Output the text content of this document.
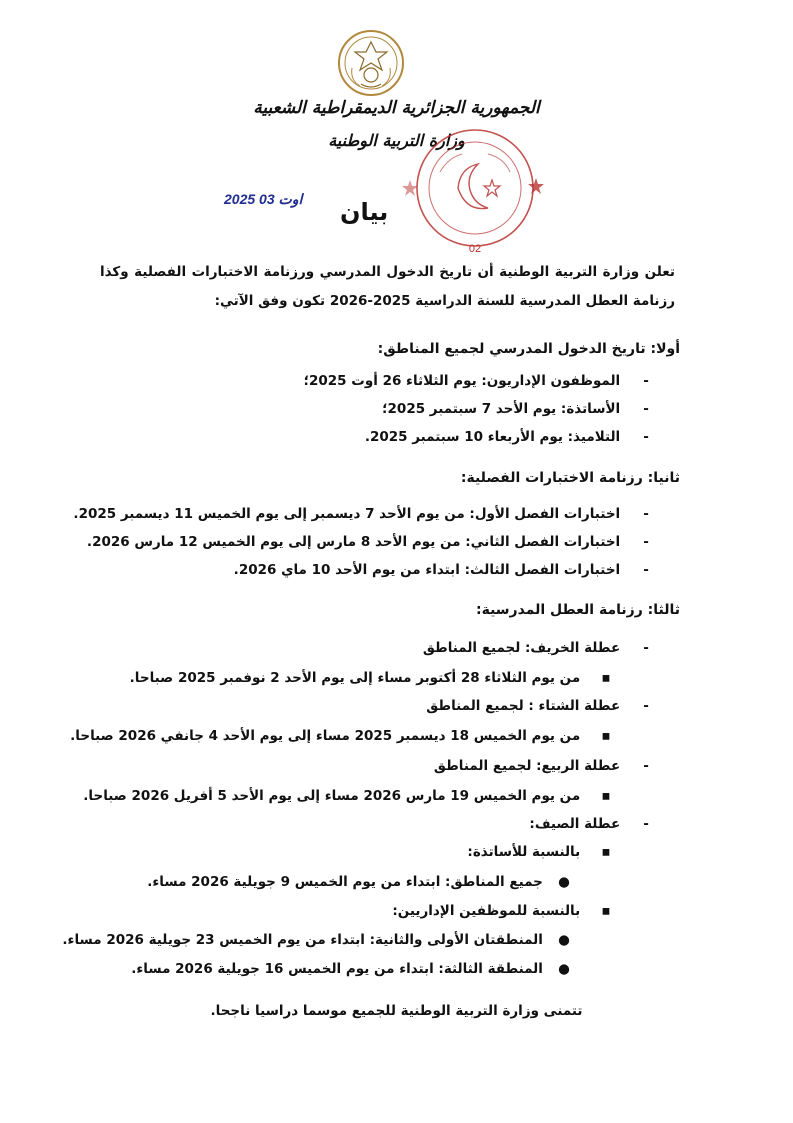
الجمهورية الجزائرية الديمقراطية الشعبية
وزارة التربية الوطنية
02
2025 اوت 03 بيان
تعلن وزارة التربية الوطنية أن تاريخ الدخول المدرسي ورزنامة الاختبارات الفصلية وكذا رزنامة العطل المدرسية للسنة الدراسية 2025-2026 تكون وفق الآتي:
أولا: تاريخ الدخول المدرسي لجميع المناطق:
-    الموظفون الإداريون: يوم الثلاثاء 26 أوت 2025؛
-    الأساتذة: يوم الأحد 7 سبتمبر 2025؛
-    التلاميذ: يوم الأربعاء 10 سبتمبر 2025.
ثانيا: رزنامة الاختبارات الفصلية:
-    اختبارات الفصل الأول: من يوم الأحد 7 ديسمبر إلى يوم الخميس 11 ديسمبر 2025.
-    اختبارات الفصل الثاني: من يوم الأحد 8 مارس إلى يوم الخميس 12 مارس 2026.
-    اختبارات الفصل الثالث: ابتداء من يوم الأحد 10 ماي 2026.
ثالثا: رزنامة العطل المدرسية:
-    عطلة الخريف: لجميع المناطق
▪    من يوم الثلاثاء 28 أكتوبر مساء إلى يوم الأحد 2 نوفمبر 2025 صباحا.
-    عطلة الشتاء : لجميع المناطق
▪    من يوم الخميس 18 ديسمبر 2025 مساء إلى يوم الأحد 4 جانفي 2026 صباحا.
-    عطلة الربيع: لجميع المناطق
▪    من يوم الخميس 19 مارس 2026 مساء إلى يوم الأحد 5 أفريل 2026 صباحا.
-    عطلة الصيف:
▪    بالنسبة للأساتذة:
●   جميع المناطق: ابتداء من يوم الخميس 9 جويلية 2026 مساء.
▪    بالنسبة للموظفين الإداريين:
●   المنطقتان الأولى والثانية: ابتداء من يوم الخميس 23 جويلية 2026 مساء.
●   المنطقة الثالثة: ابتداء من يوم الخميس 16 جويلية 2026 مساء.
تتمنى وزارة التربية الوطنية للجميع موسما دراسيا ناجحا.
